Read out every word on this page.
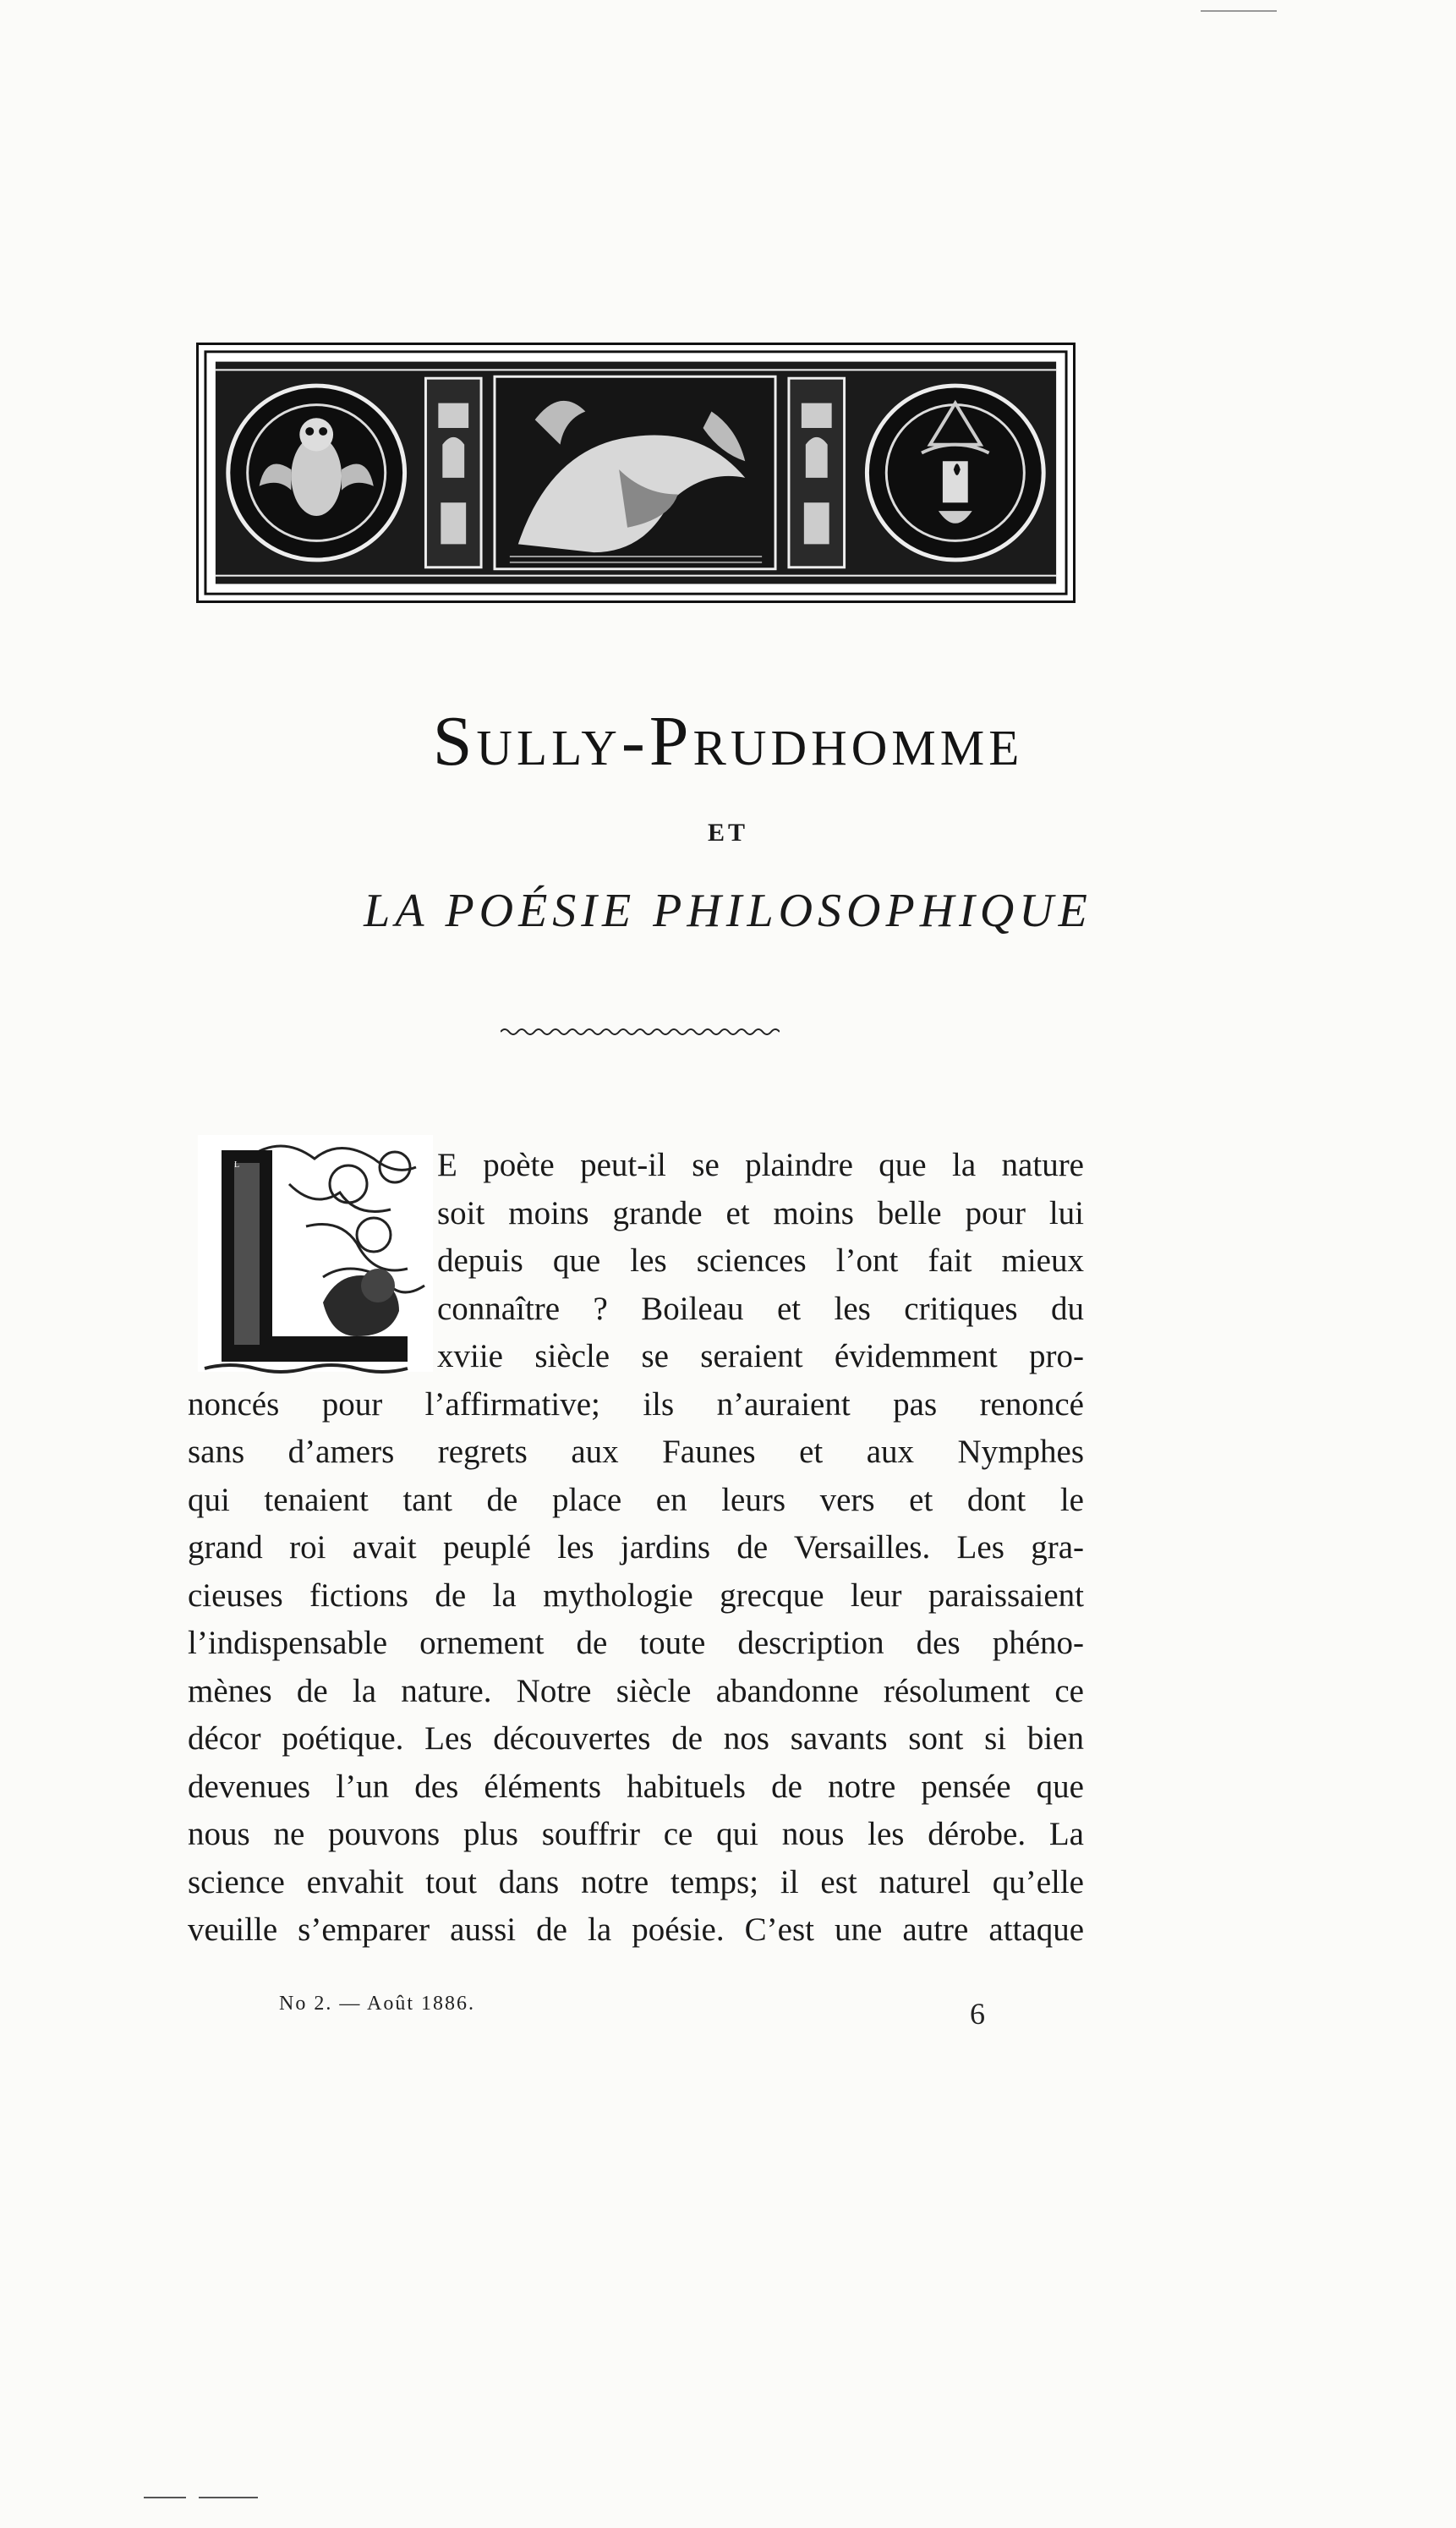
Sully-Prudhomme
ET
LA POÉSIE PHILOSOPHIQUE
L	E poète peut-il se plaindre que la nature
soit moins grande et moins belle pour lui
depuis que les sciences l’ont fait mieux
connaître ? Boileau et les critiques du
xviie siècle se seraient évidemment pro-
noncés pour l’affirmative; ils n’auraient pas renoncé
sans d’amers regrets aux Faunes et aux Nymphes
qui tenaient tant de place en leurs vers et dont le
grand roi avait peuplé les jardins de Versailles. Les gra-
cieuses fictions de la mythologie grecque leur paraissaient
l’indispensable ornement de toute description des phéno-
mènes de la nature. Notre siècle abandonne résolument ce
décor poétique. Les découvertes de nos savants sont si bien
devenues l’un des éléments habituels de notre pensée que
nous ne pouvons plus souffrir ce qui nous les dérobe. La
science envahit tout dans notre temps; il est naturel qu’elle
veuille s’emparer aussi de la poésie. C’est une autre attaque
No 2. — Août 1886.	6
